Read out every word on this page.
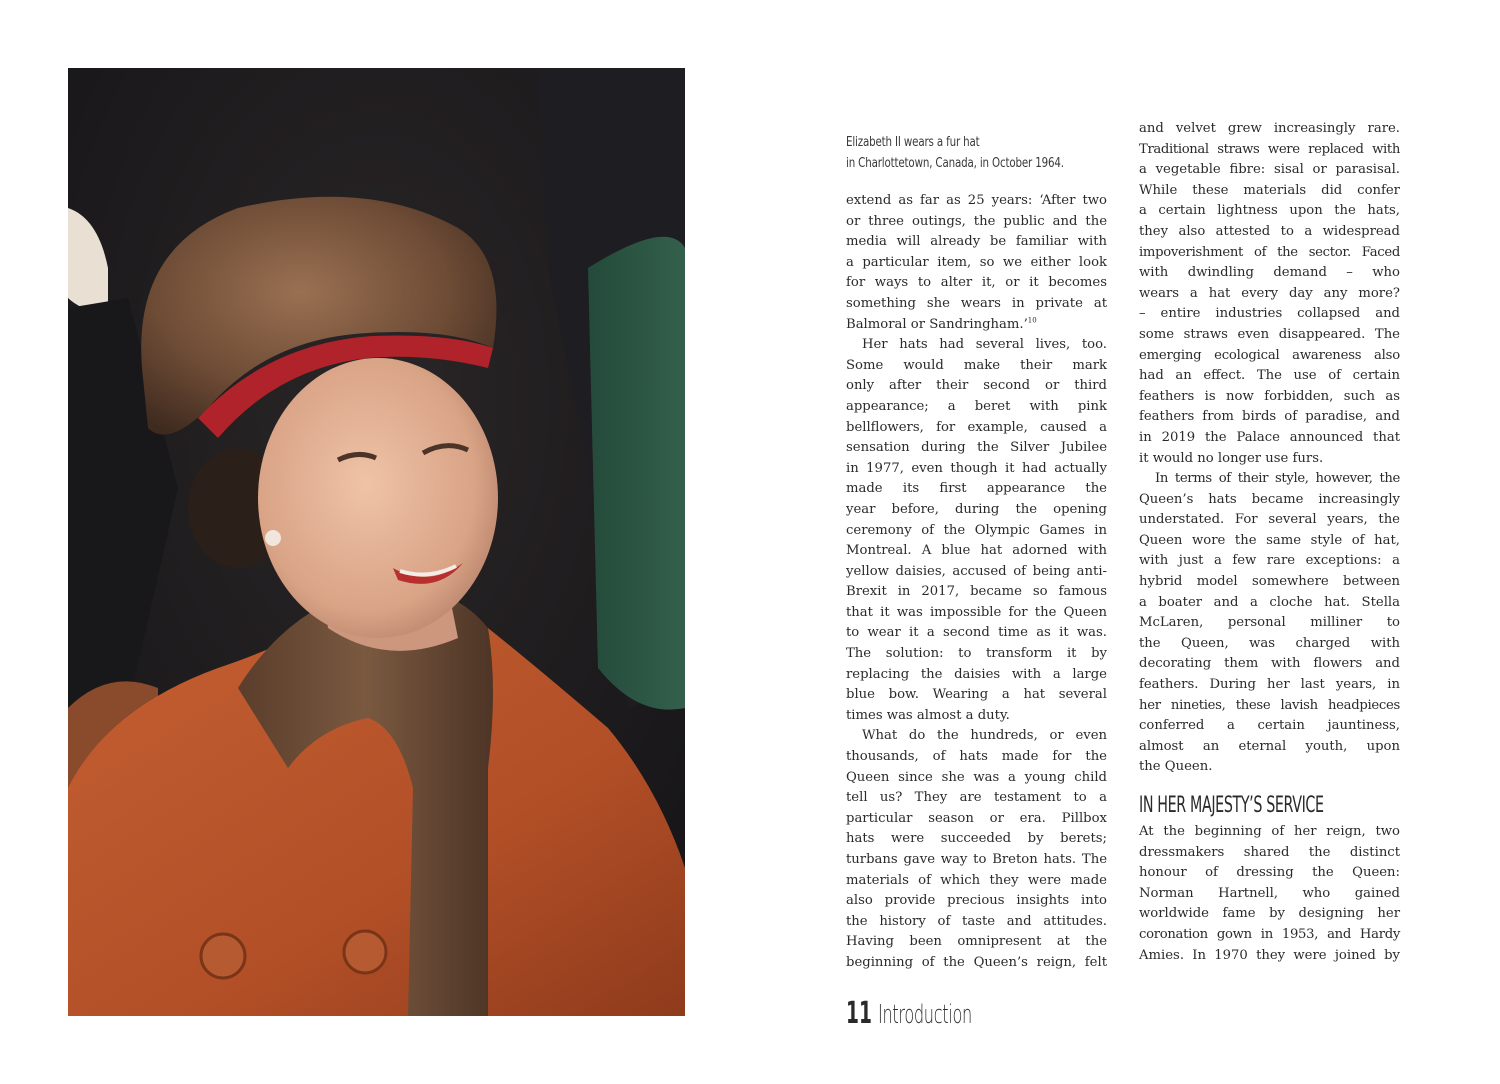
Elizabeth II wears a fur hat
in Charlottetown, Canada, in October 1964.

extend as far as 25 years: ‘After two
or three outings, the public and the
media will already be familiar with
a particular item, so we either look
for ways to alter it, or it becomes
something she wears in private at
Balmoral or Sandringham.’$^{10}$

Her hats had several lives, too.
Some would make their mark
only after their second or third
appearance; a beret with pink
bellflowers, for example, caused a
sensation during the Silver Jubilee
in 1977, even though it had actually
made its first appearance the
year before, during the opening
ceremony of the Olympic Games in
Montreal. A blue hat adorned with
yellow daisies, accused of being anti-
Brexit in 2017, became so famous
that it was impossible for the Queen
to wear it a second time as it was.
The solution: to transform it by
replacing the daisies with a large
blue bow. Wearing a hat several
times was almost a duty.

What do the hundreds, or even
thousands, of hats made for the
Queen since she was a young child
tell us? They are testament to a
particular season or era. Pillbox
hats were succeeded by berets;
turbans gave way to Breton hats. The
materials of which they were made
also provide precious insights into
the history of taste and attitudes.
Having been omnipresent at the
beginning of the Queen’s reign, felt

and velvet grew increasingly rare.
Traditional straws were replaced with
a vegetable fibre: sisal or parasisal.
While these materials did confer
a certain lightness upon the hats,
they also attested to a widespread
impoverishment of the sector. Faced
with dwindling demand – who
wears a hat every day any more?
– entire industries collapsed and
some straws even disappeared. The
emerging ecological awareness also
had an effect. The use of certain
feathers is now forbidden, such as
feathers from birds of paradise, and
in 2019 the Palace announced that
it would no longer use furs.

In terms of their style, however, the
Queen’s hats became increasingly
understated. For several years, the
Queen wore the same style of hat,
with just a few rare exceptions: a
hybrid model somewhere between
a boater and a cloche hat. Stella
McLaren, personal milliner to
the Queen, was charged with
decorating them with flowers and
feathers. During her last years, in
her nineties, these lavish headpieces
conferred a certain jauntiness,
almost an eternal youth, upon
the Queen.

IN HER MAJESTY’S SERVICE

At the beginning of her reign, two
dressmakers shared the distinct
honour of dressing the Queen:
Norman Hartnell, who gained
worldwide fame by designing her
coronation gown in 1953, and Hardy
Amies. In 1970 they were joined by

11 Introduction
